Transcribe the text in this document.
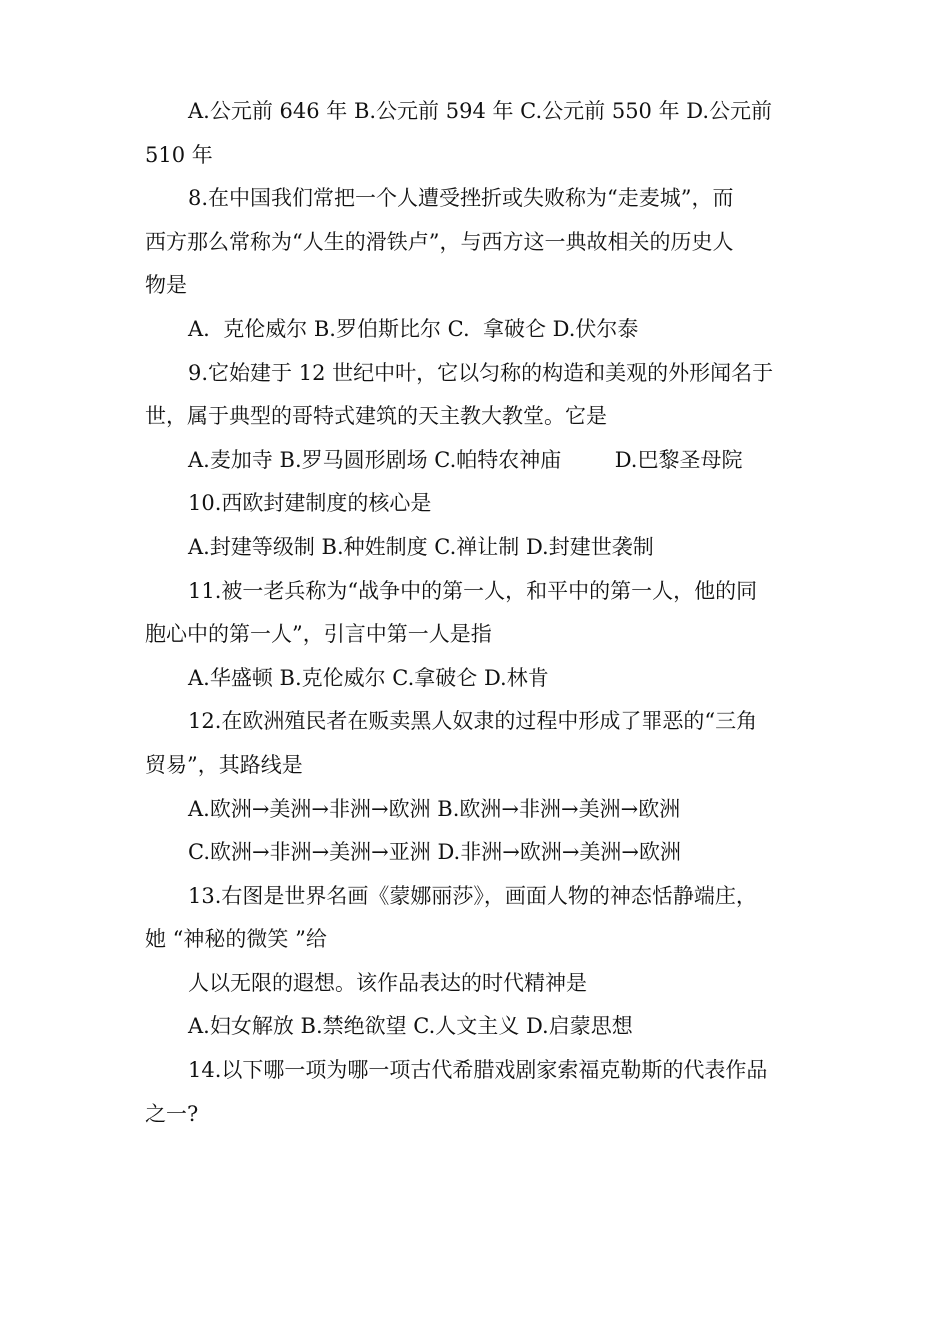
A.公元前 646 年 B.公元前 594 年 C.公元前 550 年 D.公元前
510 年
8.在中国我们常把一个人遭受挫折或失败称为“走麦城”，而
西方那么常称为“人生的滑铁卢”，与西方这一典故相关的历史人
物是
A.  克伦威尔 B.罗伯斯比尔 C.  拿破仑 D.伏尔泰
9.它始建于 12 世纪中叶，它以匀称的构造和美观的外形闻名于
世，属于典型的哥特式建筑的天主教大教堂。它是
A.麦加寺 B.罗马圆形剧场 C.帕特农神庙        D.巴黎圣母院
10.西欧封建制度的核心是
A.封建等级制 B.种姓制度 C.禅让制 D.封建世袭制
11.被一老兵称为“战争中的第一人，和平中的第一人，他的同
胞心中的第一人”，引言中第一人是指
A.华盛顿 B.克伦威尔 C.拿破仑 D.林肯
12.在欧洲殖民者在贩卖黑人奴隶的过程中形成了罪恶的“三角
贸易”，其路线是
A.欧洲→美洲→非洲→欧洲 B.欧洲→非洲→美洲→欧洲
C.欧洲→非洲→美洲→亚洲 D.非洲→欧洲→美洲→欧洲
13.右图是世界名画《蒙娜丽莎》，画面人物的神态恬静端庄，
她 “神秘的微笑 ”给
人以无限的遐想。该作品表达的时代精神是
A.妇女解放 B.禁绝欲望 C.人文主义 D.启蒙思想
14.以下哪一项为哪一项古代希腊戏剧家索福克勒斯的代表作品
之一?
